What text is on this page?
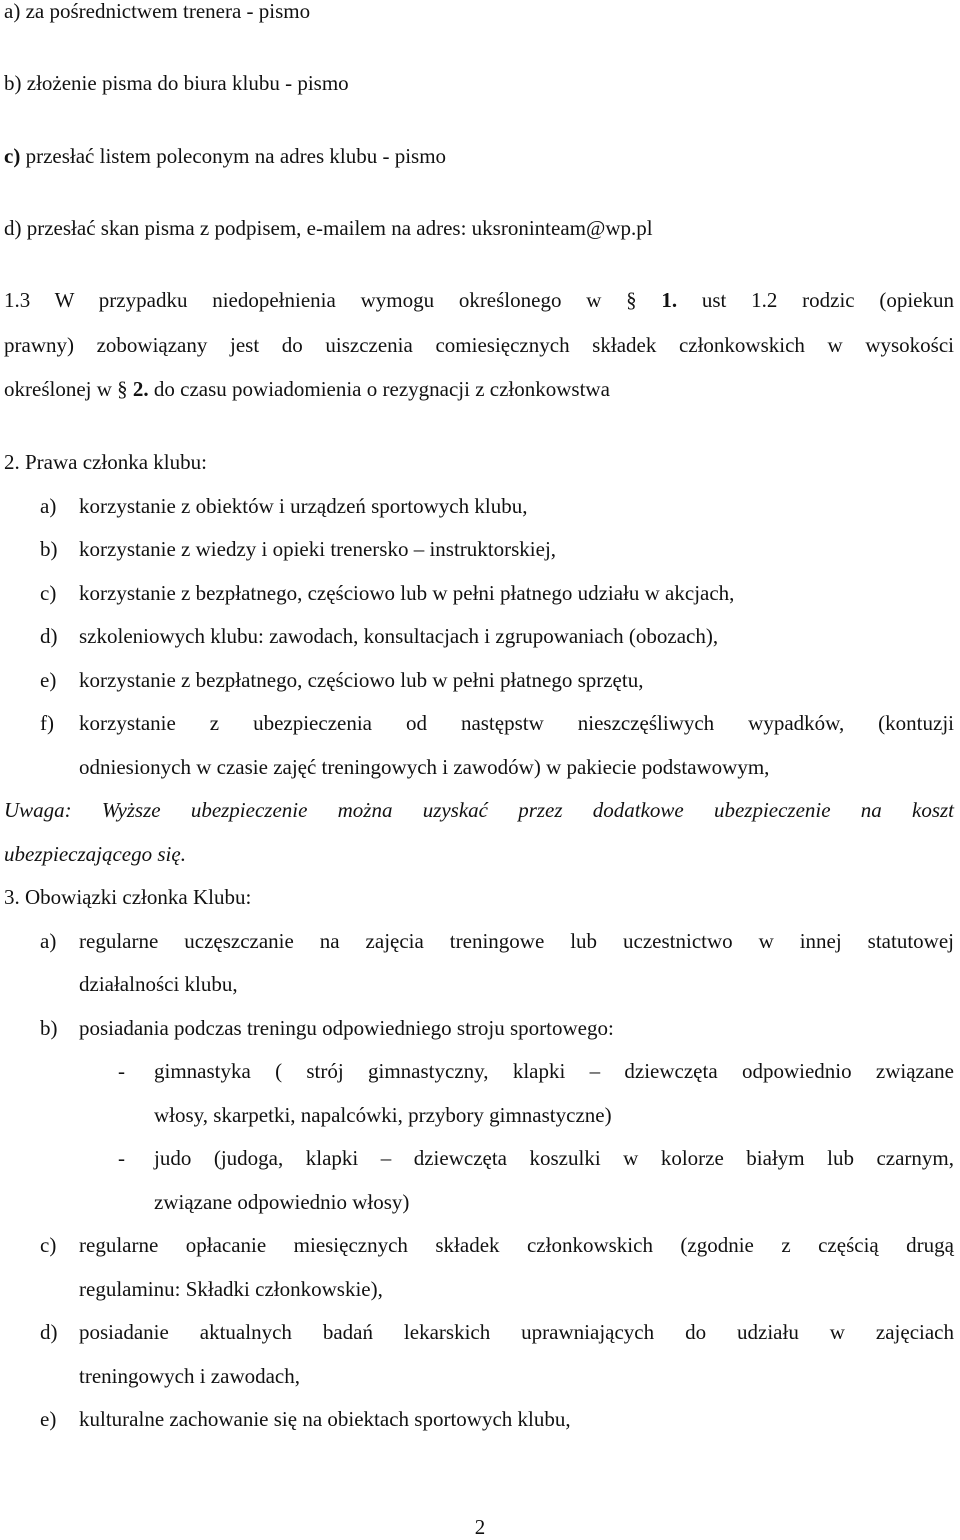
a) za pośrednictwem trenera - pismo
b) złożenie pisma do biura klubu - pismo
c) przesłać listem poleconym na adres klubu - pismo
d) przesłać skan pisma z podpisem, e-mailem na adres: uksroninteam@wp.pl
1.3 W przypadku niedopełnienia wymogu określonego w § 1. ust 1.2 rodzic (opiekun
prawny) zobowiązany jest do uiszczenia comiesięcznych składek członkowskich w wysokości
określonej w § 2. do czasu powiadomienia o rezygnacji z członkowstwa
2. Prawa członka klubu:
a) korzystanie z obiektów i urządzeń sportowych klubu,
b) korzystanie z wiedzy i opieki trenersko – instruktorskiej,
c) korzystanie z bezpłatnego, częściowo lub w pełni płatnego udziału w akcjach,
d) szkoleniowych klubu: zawodach, konsultacjach i zgrupowaniach (obozach),
e) korzystanie z bezpłatnego, częściowo lub w pełni płatnego sprzętu,
f) korzystanie z ubezpieczenia od następstw nieszczęśliwych wypadków, (kontuzji
odniesionych w czasie zajęć treningowych i zawodów) w pakiecie podstawowym,
Uwaga: Wyższe ubezpieczenie można uzyskać przez dodatkowe ubezpieczenie na koszt
ubezpieczającego się.
3. Obowiązki członka Klubu:
a) regularne uczęszczanie na zajęcia treningowe lub uczestnictwo w innej statutowej
działalności klubu,
b) posiadania podczas treningu odpowiedniego stroju sportowego:
- gimnastyka ( strój gimnastyczny, klapki – dziewczęta odpowiednio związane
włosy, skarpetki, napalcówki, przybory gimnastyczne)
- judo (judoga, klapki – dziewczęta koszulki w kolorze białym lub czarnym,
związane odpowiednio włosy)
c) regularne opłacanie miesięcznych składek członkowskich (zgodnie z częścią drugą
regulaminu: Składki członkowskie),
d) posiadanie aktualnych badań lekarskich uprawniających do udziału w zajęciach
treningowych i zawodach,
e) kulturalne zachowanie się na obiektach sportowych klubu,
2
